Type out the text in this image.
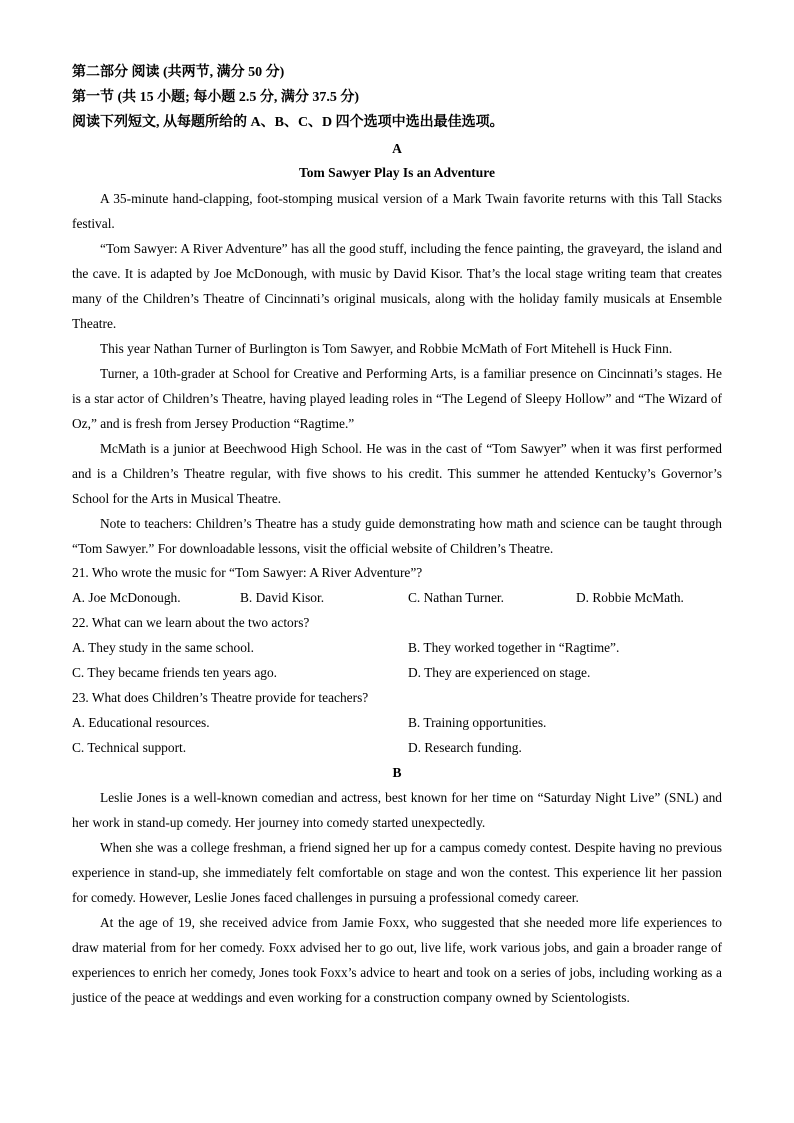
第二部分 阅读 (共两节, 满分 50 分)
第一节 (共 15 小题; 每小题 2.5 分, 满分 37.5 分)
阅读下列短文, 从每题所给的 A、B、C、D 四个选项中选出最佳选项。
A
Tom Sawyer Play Is an Adventure

A 35-minute hand-clapping, foot-stomping musical version of a Mark Twain favorite returns with this Tall Stacks festival.

“Tom Sawyer: A River Adventure” has all the good stuff, including the fence painting, the graveyard, the island and the cave. It is adapted by Joe McDonough, with music by David Kisor. That’s the local stage writing team that creates many of the Children’s Theatre of Cincinnati’s original musicals, along with the holiday family musicals at Ensemble Theatre.

This year Nathan Turner of Burlington is Tom Sawyer, and Robbie McMath of Fort Mitehell is Huck Finn.

Turner, a 10th-grader at School for Creative and Performing Arts, is a familiar presence on Cincinnati’s stages. He is a star actor of Children’s Theatre, having played leading roles in “The Legend of Sleepy Hollow” and “The Wizard of Oz,” and is fresh from Jersey Production “Ragtime.”

McMath is a junior at Beechwood High School. He was in the cast of “Tom Sawyer” when it was first performed and is a Children’s Theatre regular, with five shows to his credit. This summer he attended Kentucky’s Governor’s School for the Arts in Musical Theatre.

Note to teachers: Children’s Theatre has a study guide demonstrating how math and science can be taught through “Tom Sawyer.” For downloadable lessons, visit the official website of Children’s Theatre.

21. Who wrote the music for “Tom Sawyer: A River Adventure”?
A. Joe McDonough.	B. David Kisor.	C. Nathan Turner.	D. Robbie McMath.
22. What can we learn about the two actors?
A. They study in the same school.	B. They worked together in “Ragtime”.
C. They became friends ten years ago.	D. They are experienced on stage.
23. What does Children’s Theatre provide for teachers?
A. Educational resources.	B. Training opportunities.
C. Technical support.	D. Research funding.
B

Leslie Jones is a well-known comedian and actress, best known for her time on “Saturday Night Live” (SNL) and her work in stand-up comedy. Her journey into comedy started unexpectedly.

When she was a college freshman, a friend signed her up for a campus comedy contest. Despite having no previous experience in stand-up, she immediately felt comfortable on stage and won the contest. This experience lit her passion for comedy. However, Leslie Jones faced challenges in pursuing a professional comedy career.

At the age of 19, she received advice from Jamie Foxx, who suggested that she needed more life experiences to draw material from for her comedy. Foxx advised her to go out, live life, work various jobs, and gain a broader range of experiences to enrich her comedy, Jones took Foxx’s advice to heart and took on a series of jobs, including working as a justice of the peace at weddings and even working for a construction company owned by Scientologists.
